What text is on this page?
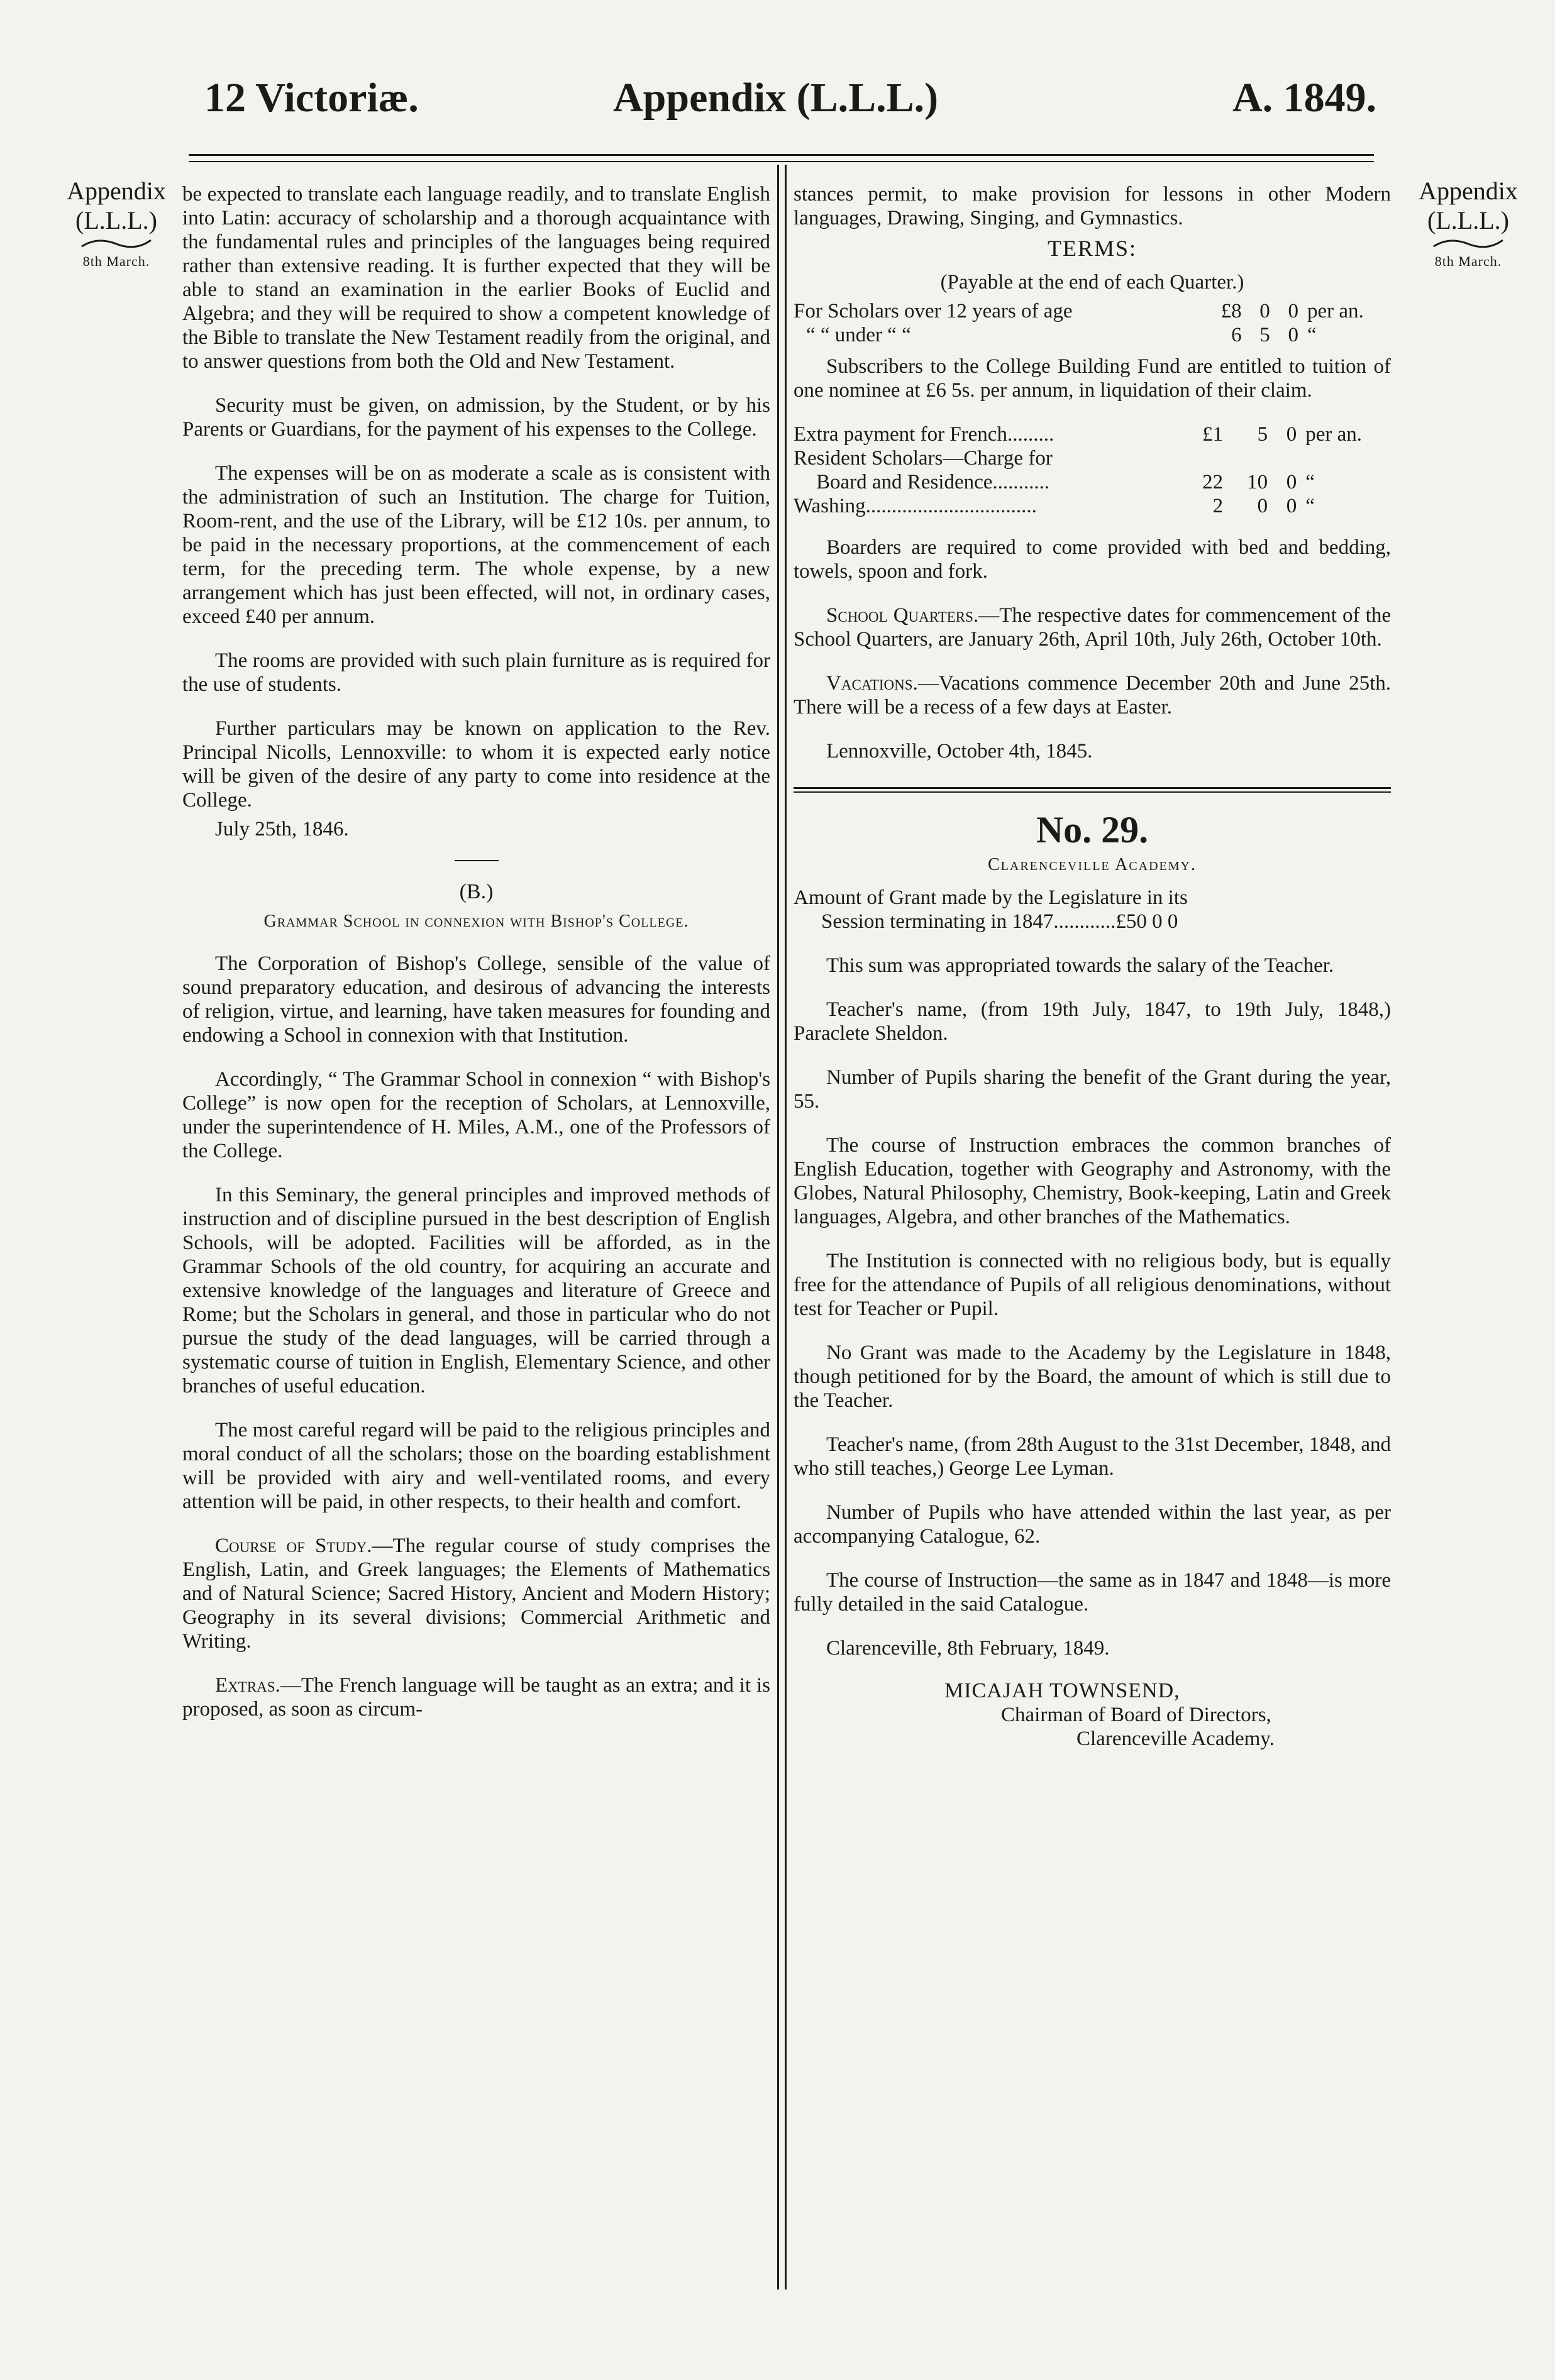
12 Victoriæ.	Appendix (L.L.L.)	A. 1849.
Appendix
(L.L.L.)
8th March.
Appendix
(L.L.L.)
8th March.

be expected to translate each language readily, and to translate English into Latin: accuracy of scholarship and a thorough acquaintance with the fundamental rules and principles of the languages being required rather than extensive reading. It is further expected that they will be able to stand an examination in the earlier Books of Euclid and Algebra; and they will be required to show a competent knowledge of the Bible to translate the New Testament readily from the original, and to answer questions from both the Old and New Testament.

Security must be given, on admission, by the Student, or by his Parents or Guardians, for the payment of his expenses to the College.

The expenses will be on as moderate a scale as is consistent with the administration of such an Institution. The charge for Tuition, Room-rent, and the use of the Library, will be £12 10s. per annum, to be paid in the necessary proportions, at the commencement of each term, for the preceding term. The whole expense, by a new arrangement which has just been effected, will not, in ordinary cases, exceed £40 per annum.

The rooms are provided with such plain furniture as is required for the use of students.

Further particulars may be known on application to the Rev. Principal Nicolls, Lennoxville: to whom it is expected early notice will be given of the desire of any party to come into residence at the College.

July 25th, 1846.
(B.)
Grammar School in connexion with Bishop's College.

The Corporation of Bishop's College, sensible of the value of sound preparatory education, and desirous of advancing the interests of religion, virtue, and learning, have taken measures for founding and endowing a School in connexion with that Institution.

Accordingly, “ The Grammar School in connexion “ with Bishop's College” is now open for the reception of Scholars, at Lennoxville, under the superintendence of H. Miles, A.M., one of the Professors of the College.

In this Seminary, the general principles and improved methods of instruction and of discipline pursued in the best description of English Schools, will be adopted. Facilities will be afforded, as in the Grammar Schools of the old country, for acquiring an accurate and extensive knowledge of the languages and literature of Greece and Rome; but the Scholars in general, and those in particular who do not pursue the study of the dead languages, will be carried through a systematic course of tuition in English, Elementary Science, and other branches of useful education.

The most careful regard will be paid to the religious principles and moral conduct of all the scholars; those on the boarding establishment will be provided with airy and well-ventilated rooms, and every attention will be paid, in other respects, to their health and comfort.

Course of Study.—The regular course of study comprises the English, Latin, and Greek languages; the Elements of Mathematics and of Natural Science; Sacred History, Ancient and Modern History; Geography in its several divisions; Commercial Arithmetic and Writing.

Extras.—The French language will be taught as an extra; and it is proposed, as soon as circum-

stances permit, to make provision for lessons in other Modern languages, Drawing, Singing, and Gymnastics.

TERMS:
(Payable at the end of each Quarter.)
For Scholars over 12 years of age	£8	0	0	per an.
“ “ under “ “	6	5	0	“

Subscribers to the College Building Fund are entitled to tuition of one nominee at £6 5s. per annum, in liquidation of their claim.

Extra payment for French.........	£1	5	0	per an.
Resident Scholars—Charge for				
Board and Residence...........	22	10	0	“
Washing.................................	2	0	0	“

Boarders are required to come provided with bed and bedding, towels, spoon and fork.

School Quarters.—The respective dates for commencement of the School Quarters, are January 26th, April 10th, July 26th, October 10th.

Vacations.—Vacations commence December 20th and June 25th. There will be a recess of a few days at Easter.

Lennoxville, October 4th, 1845.
No. 29.
Clarenceville Academy.
Amount of Grant made by the Legislature in its
Session terminating in 1847............£50 0 0

This sum was appropriated towards the salary of the Teacher.

Teacher's name, (from 19th July, 1847, to 19th July, 1848,) Paraclete Sheldon.

Number of Pupils sharing the benefit of the Grant during the year, 55.

The course of Instruction embraces the common branches of English Education, together with Geography and Astronomy, with the Globes, Natural Philosophy, Chemistry, Book-keeping, Latin and Greek languages, Algebra, and other branches of the Mathematics.

The Institution is connected with no religious body, but is equally free for the attendance of Pupils of all religious denominations, without test for Teacher or Pupil.

No Grant was made to the Academy by the Legislature in 1848, though petitioned for by the Board, the amount of which is still due to the Teacher.

Teacher's name, (from 28th August to the 31st December, 1848, and who still teaches,) George Lee Lyman.

Number of Pupils who have attended within the last year, as per accompanying Catalogue, 62.

The course of Instruction—the same as in 1847 and 1848—is more fully detailed in the said Catalogue.

Clarenceville, 8th February, 1849.
MICAJAH TOWNSEND,
Chairman of Board of Directors,
Clarenceville Academy.
